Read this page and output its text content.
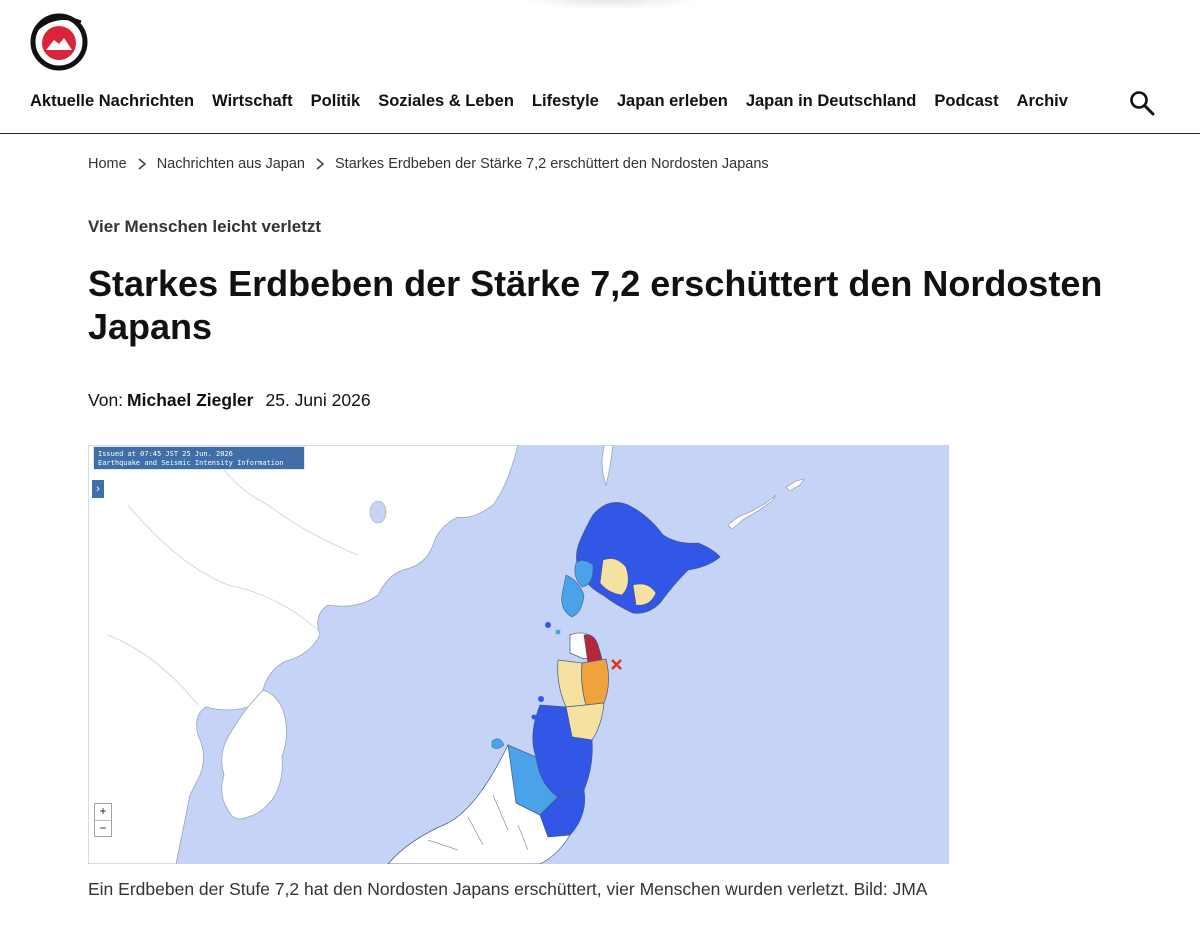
Aktuelle Nachrichten Wirtschaft Politik Soziales & Leben Lifestyle Japan erleben Japan in Deutschland Podcast Archiv
Home Nachrichten aus Japan Starkes Erdbeben der Stärke 7,2 erschüttert den Nordosten Japans
Vier Menschen leicht verletzt
Starkes Erdbeben der Stärke 7,2 erschüttert den Nordosten Japans
Von: Michael Ziegler 25. Juni 2026
Issued at 07:45 JST 25 Jun. 2026
Earthquake and Seismic Intensity Information part 2
›
+
−
Ein Erdbeben der Stufe 7,2 hat den Nordosten Japans erschüttert, vier Menschen wurden verletzt. Bild: JMA
